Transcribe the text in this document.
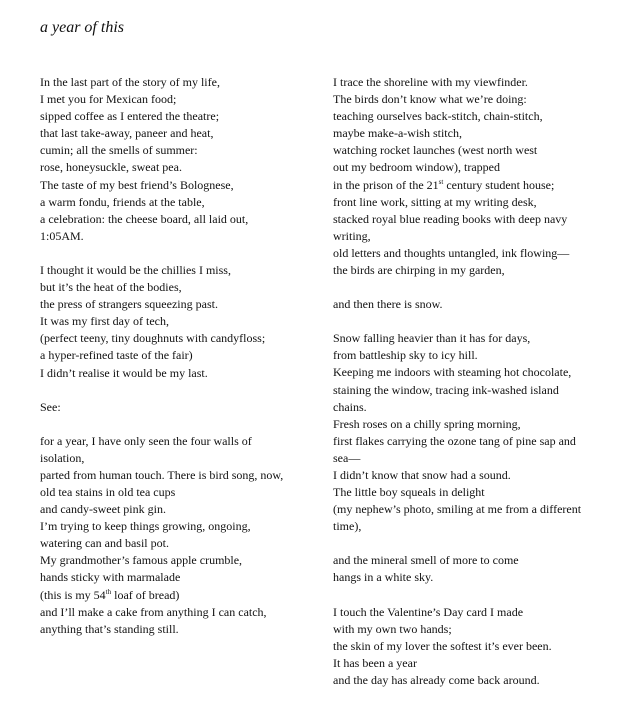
a year of this
In the last part of the story of my life,
I met you for Mexican food;
sipped coffee as I entered the theatre;
that last take-away, paneer and heat,
cumin; all the smells of summer:
rose, honeysuckle, sweat pea.
The taste of my best friend’s Bolognese,
a warm fondu, friends at the table,
a celebration: the cheese board, all laid out,
1:05AM.
I thought it would be the chillies I miss,
but it’s the heat of the bodies,
the press of strangers squeezing past.
It was my first day of tech,
(perfect teeny, tiny doughnuts with candyfloss;
a hyper-refined taste of the fair)
I didn’t realise it would be my last.
See:
for a year, I have only seen the four walls of
isolation,
parted from human touch. There is bird song, now,
old tea stains in old tea cups
and candy-sweet pink gin.
I’m trying to keep things growing, ongoing,
watering can and basil pot.
My grandmother’s famous apple crumble,
hands sticky with marmalade
(this is my 54th loaf of bread)
and I’ll make a cake from anything I can catch,
anything that’s standing still.
I trace the shoreline with my viewfinder.
The birds don’t know what we’re doing:
teaching ourselves back-stitch, chain-stitch,
maybe make-a-wish stitch,
watching rocket launches (west north west
out my bedroom window), trapped
in the prison of the 21st century student house;
front line work, sitting at my writing desk,
stacked royal blue reading books with deep navy
writing,
old letters and thoughts untangled, ink flowing—
the birds are chirping in my garden,
and then there is snow.
Snow falling heavier than it has for days,
from battleship sky to icy hill.
Keeping me indoors with steaming hot chocolate,
staining the window, tracing ink-washed island
chains.
Fresh roses on a chilly spring morning,
first flakes carrying the ozone tang of pine sap and
sea—
I didn’t know that snow had a sound.
The little boy squeals in delight
(my nephew’s photo, smiling at me from a different
time),
and the mineral smell of more to come
hangs in a white sky.
I touch the Valentine’s Day card I made
with my own two hands;
the skin of my lover the softest it’s ever been.
It has been a year
and the day has already come back around.
